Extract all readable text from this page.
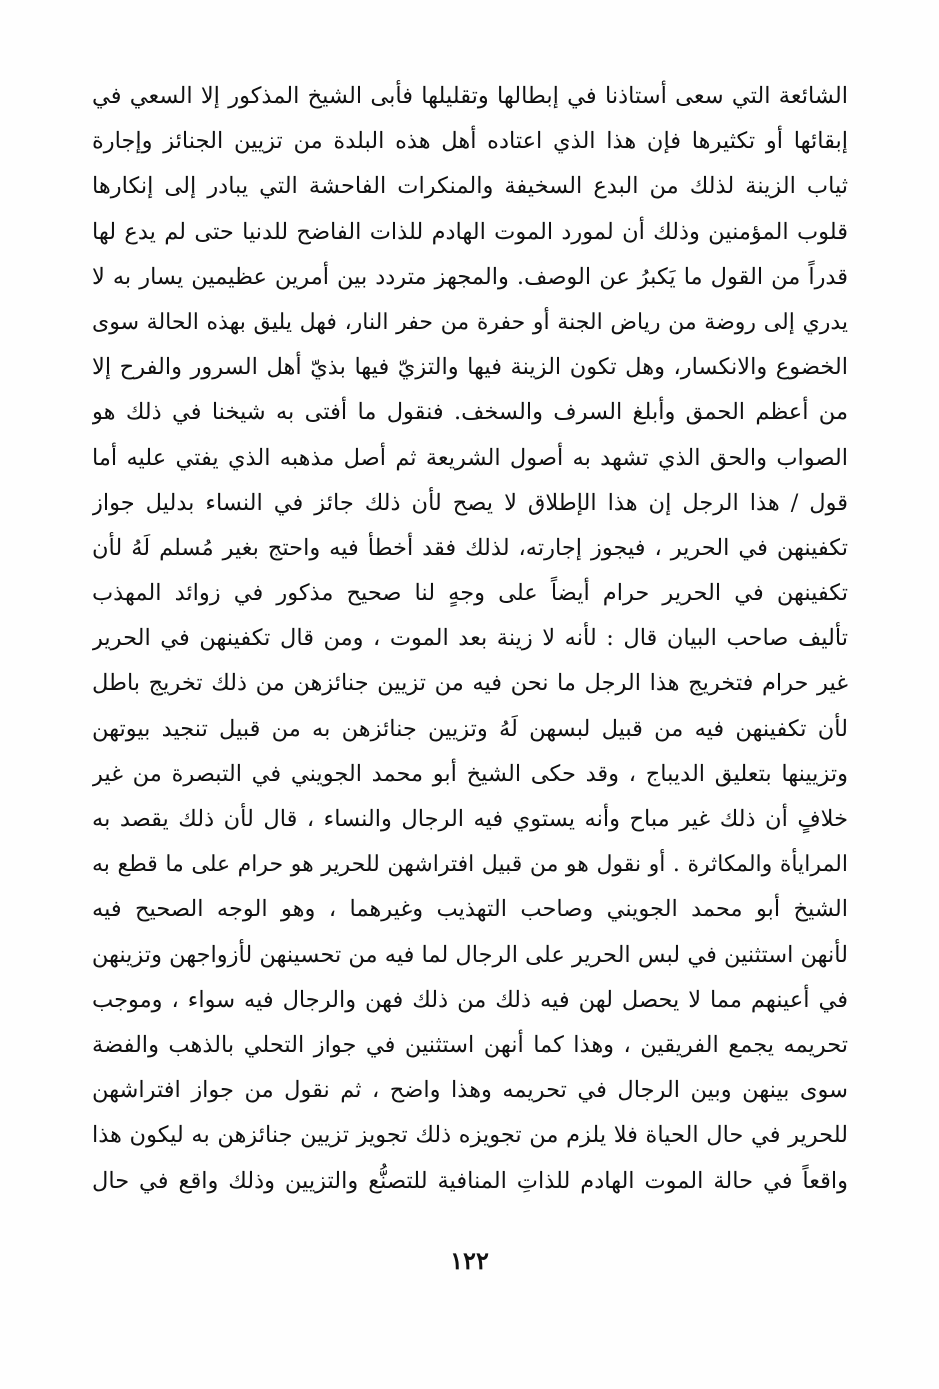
الشائعة التي سعى أستاذنا في إبطالها وتقليلها فأبى الشيخ المذكور إلا السعي في
إبقائها أو تكثيرها فإن هذا الذي اعتاده أهل هذه البلدة من تزيين الجنائز وإجارة
ثياب الزينة لذلك من البدع السخيفة والمنكرات الفاحشة التي يبادر إلى إنكارها
قلوب المؤمنين وذلك أن لمورد الموت الهادم للذات الفاضح للدنيا حتى لم يدع لها
قدراً من القول ما يَكبرُ عن الوصف. والمجهز متردد بين أمرين عظيمين يسار به لا
يدري إلى روضة من رياض الجنة أو حفرة من حفر النار، فهل يليق بهذه الحالة سوى
الخضوع والانكسار، وهل تكون الزينة فيها والتزيّ فيها بذيّ أهل السرور والفرح إلا
من أعظم الحمق وأبلغ السرف والسخف. فنقول ما أفتى به شيخنا في ذلك هو
الصواب والحق الذي تشهد به أصول الشريعة ثم أصل مذهبه الذي يفتي عليه أما
قول / هذا الرجل إن هذا الإطلاق لا يصح لأن ذلك جائز في النساء بدليل جواز
تكفينهن في الحرير ، فيجوز إجارته، لذلك فقد أخطأ فيه واحتج بغير مُسلم لَهُ لأن
تكفينهن في الحرير حرام أيضاً على وجهٍ لنا صحيح مذكور في زوائد المهذب
تأليف صاحب البيان قال : لأنه لا زينة بعد الموت ، ومن قال تكفينهن في الحرير
غير حرام فتخريج هذا الرجل ما نحن فيه من تزيين جنائزهن من ذلك تخريج باطل
لأن تكفينهن فيه من قبيل لبسهن لَهُ وتزيين جنائزهن به من قبيل تنجيد بيوتهن
وتزيينها بتعليق الديباج ، وقد حكى الشيخ أبو محمد الجويني في التبصرة من غير
خلافٍ أن ذلك غير مباح وأنه يستوي فيه الرجال والنساء ، قال لأن ذلك يقصد به
المرايأة والمكاثرة . أو نقول هو من قبيل افتراشهن للحرير هو حرام على ما قطع به
الشيخ أبو محمد الجويني وصاحب التهذيب وغيرهما ، وهو الوجه الصحيح فيه
لأنهن استثنين في لبس الحرير على الرجال لما فيه من تحسينهن لأزواجهن وتزينهن
في أعينهم مما لا يحصل لهن فيه ذلك من ذلك فهن والرجال فيه سواء ، وموجب
تحريمه يجمع الفريقين ، وهذا كما أنهن استثنين في جواز التحلي بالذهب والفضة
سوى بينهن وبين الرجال في تحريمه وهذا واضح ، ثم نقول من جواز افتراشهن
للحرير في حال الحياة فلا يلزم من تجويزه ذلك تجويز تزيين جنائزهن به ليكون هذا
واقعاً في حالة الموت الهادم للذاتِ المنافية للتصنُّع والتزيين وذلك واقع في حال
١٢٢
